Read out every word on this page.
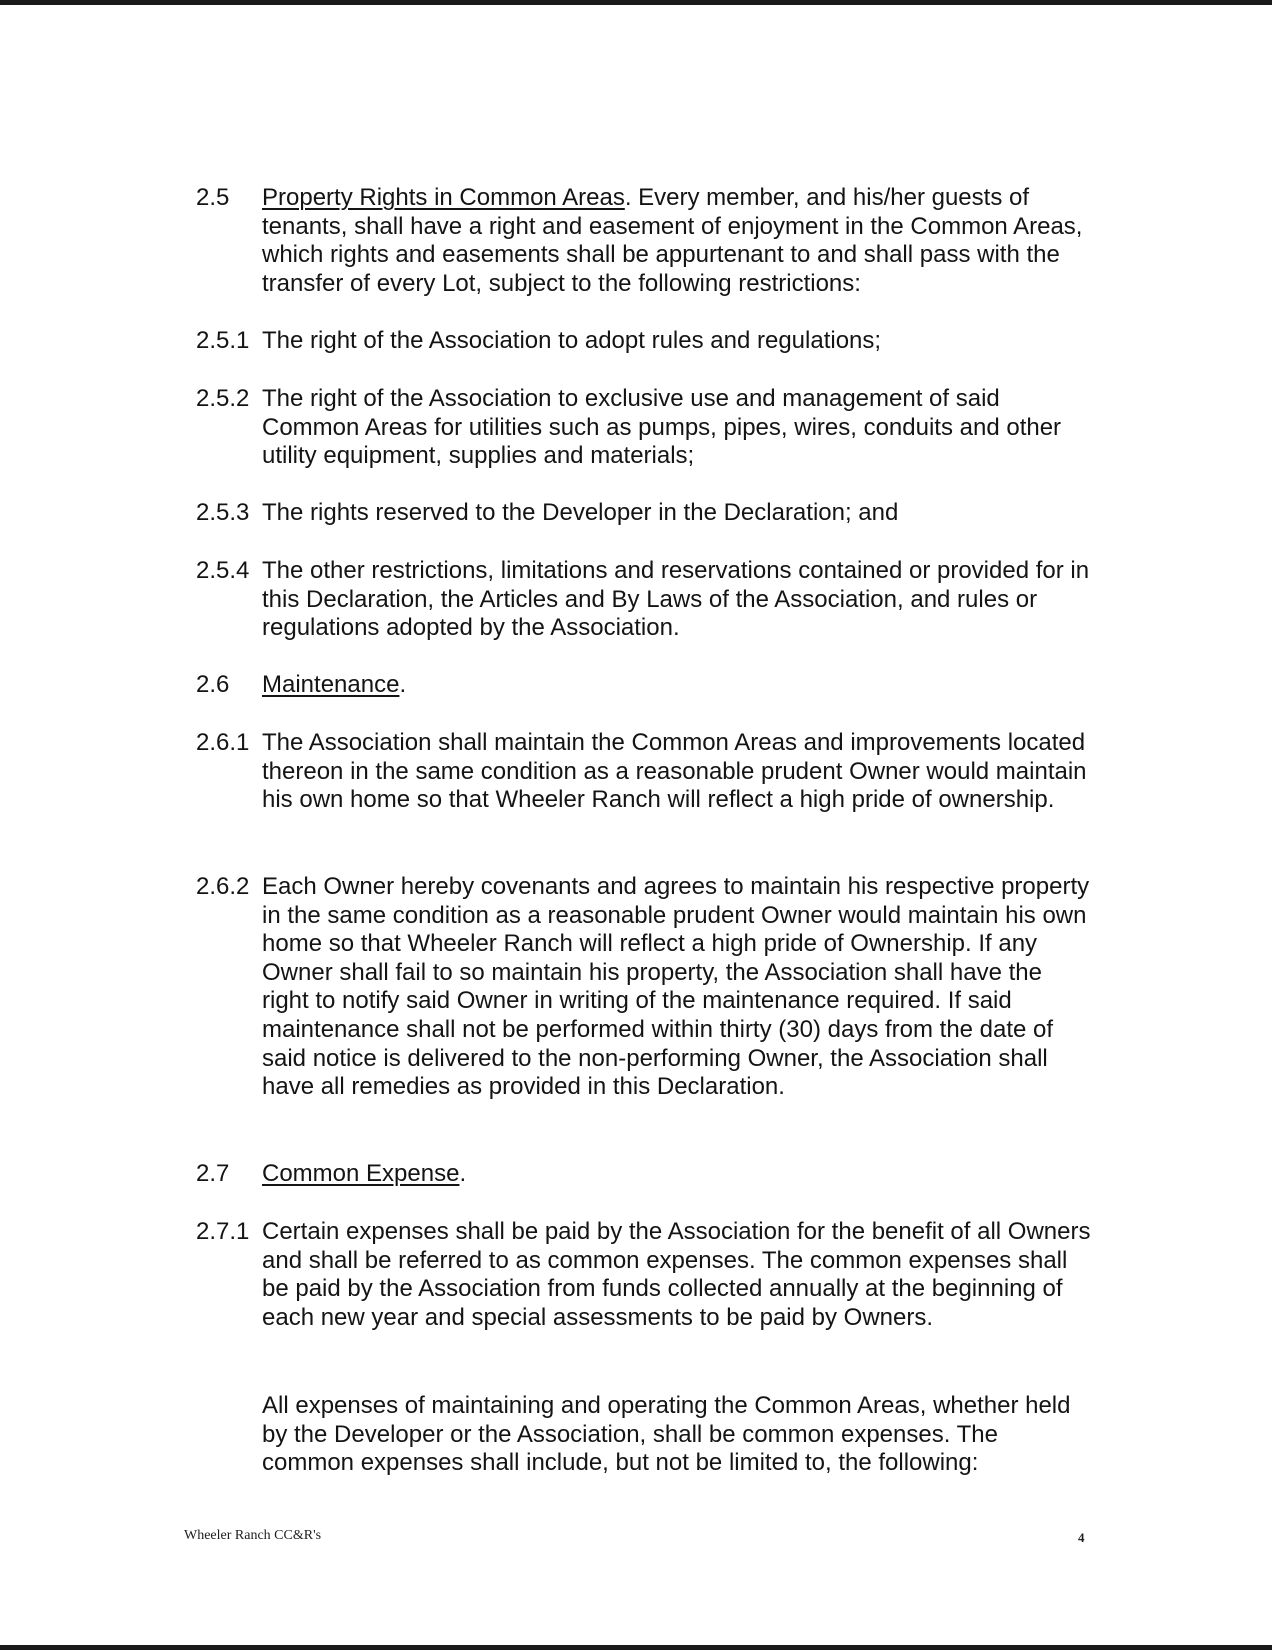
2.5 Property Rights in Common Areas. Every member, and his/her guests of tenants, shall have a right and easement of enjoyment in the Common Areas, which rights and easements shall be appurtenant to and shall pass with the transfer of every Lot, subject to the following restrictions:
2.5.1 The right of the Association to adopt rules and regulations;
2.5.2 The right of the Association to exclusive use and management of said Common Areas for utilities such as pumps, pipes, wires, conduits and other utility equipment, supplies and materials;
2.5.3 The rights reserved to the Developer in the Declaration; and
2.5.4 The other restrictions, limitations and reservations contained or provided for in this Declaration, the Articles and By Laws of the Association, and rules or regulations adopted by the Association.
2.6 Maintenance.
2.6.1 The Association shall maintain the Common Areas and improvements located thereon in the same condition as a reasonable prudent Owner would maintain his own home so that Wheeler Ranch will reflect a high pride of ownership.
2.6.2 Each Owner hereby covenants and agrees to maintain his respective property in the same condition as a reasonable prudent Owner would maintain his own home so that Wheeler Ranch will reflect a high pride of Ownership. If any Owner shall fail to so maintain his property, the Association shall have the right to notify said Owner in writing of the maintenance required. If said maintenance shall not be performed within thirty (30) days from the date of said notice is delivered to the non-performing Owner, the Association shall have all remedies as provided in this Declaration.
2.7 Common Expense.
2.7.1 Certain expenses shall be paid by the Association for the benefit of all Owners and shall be referred to as common expenses. The common expenses shall be paid by the Association from funds collected annually at the beginning of each new year and special assessments to be paid by Owners.
All expenses of maintaining and operating the Common Areas, whether held by the Developer or the Association, shall be common expenses. The common expenses shall include, but not be limited to, the following:
Wheeler Ranch CC&R's	4
